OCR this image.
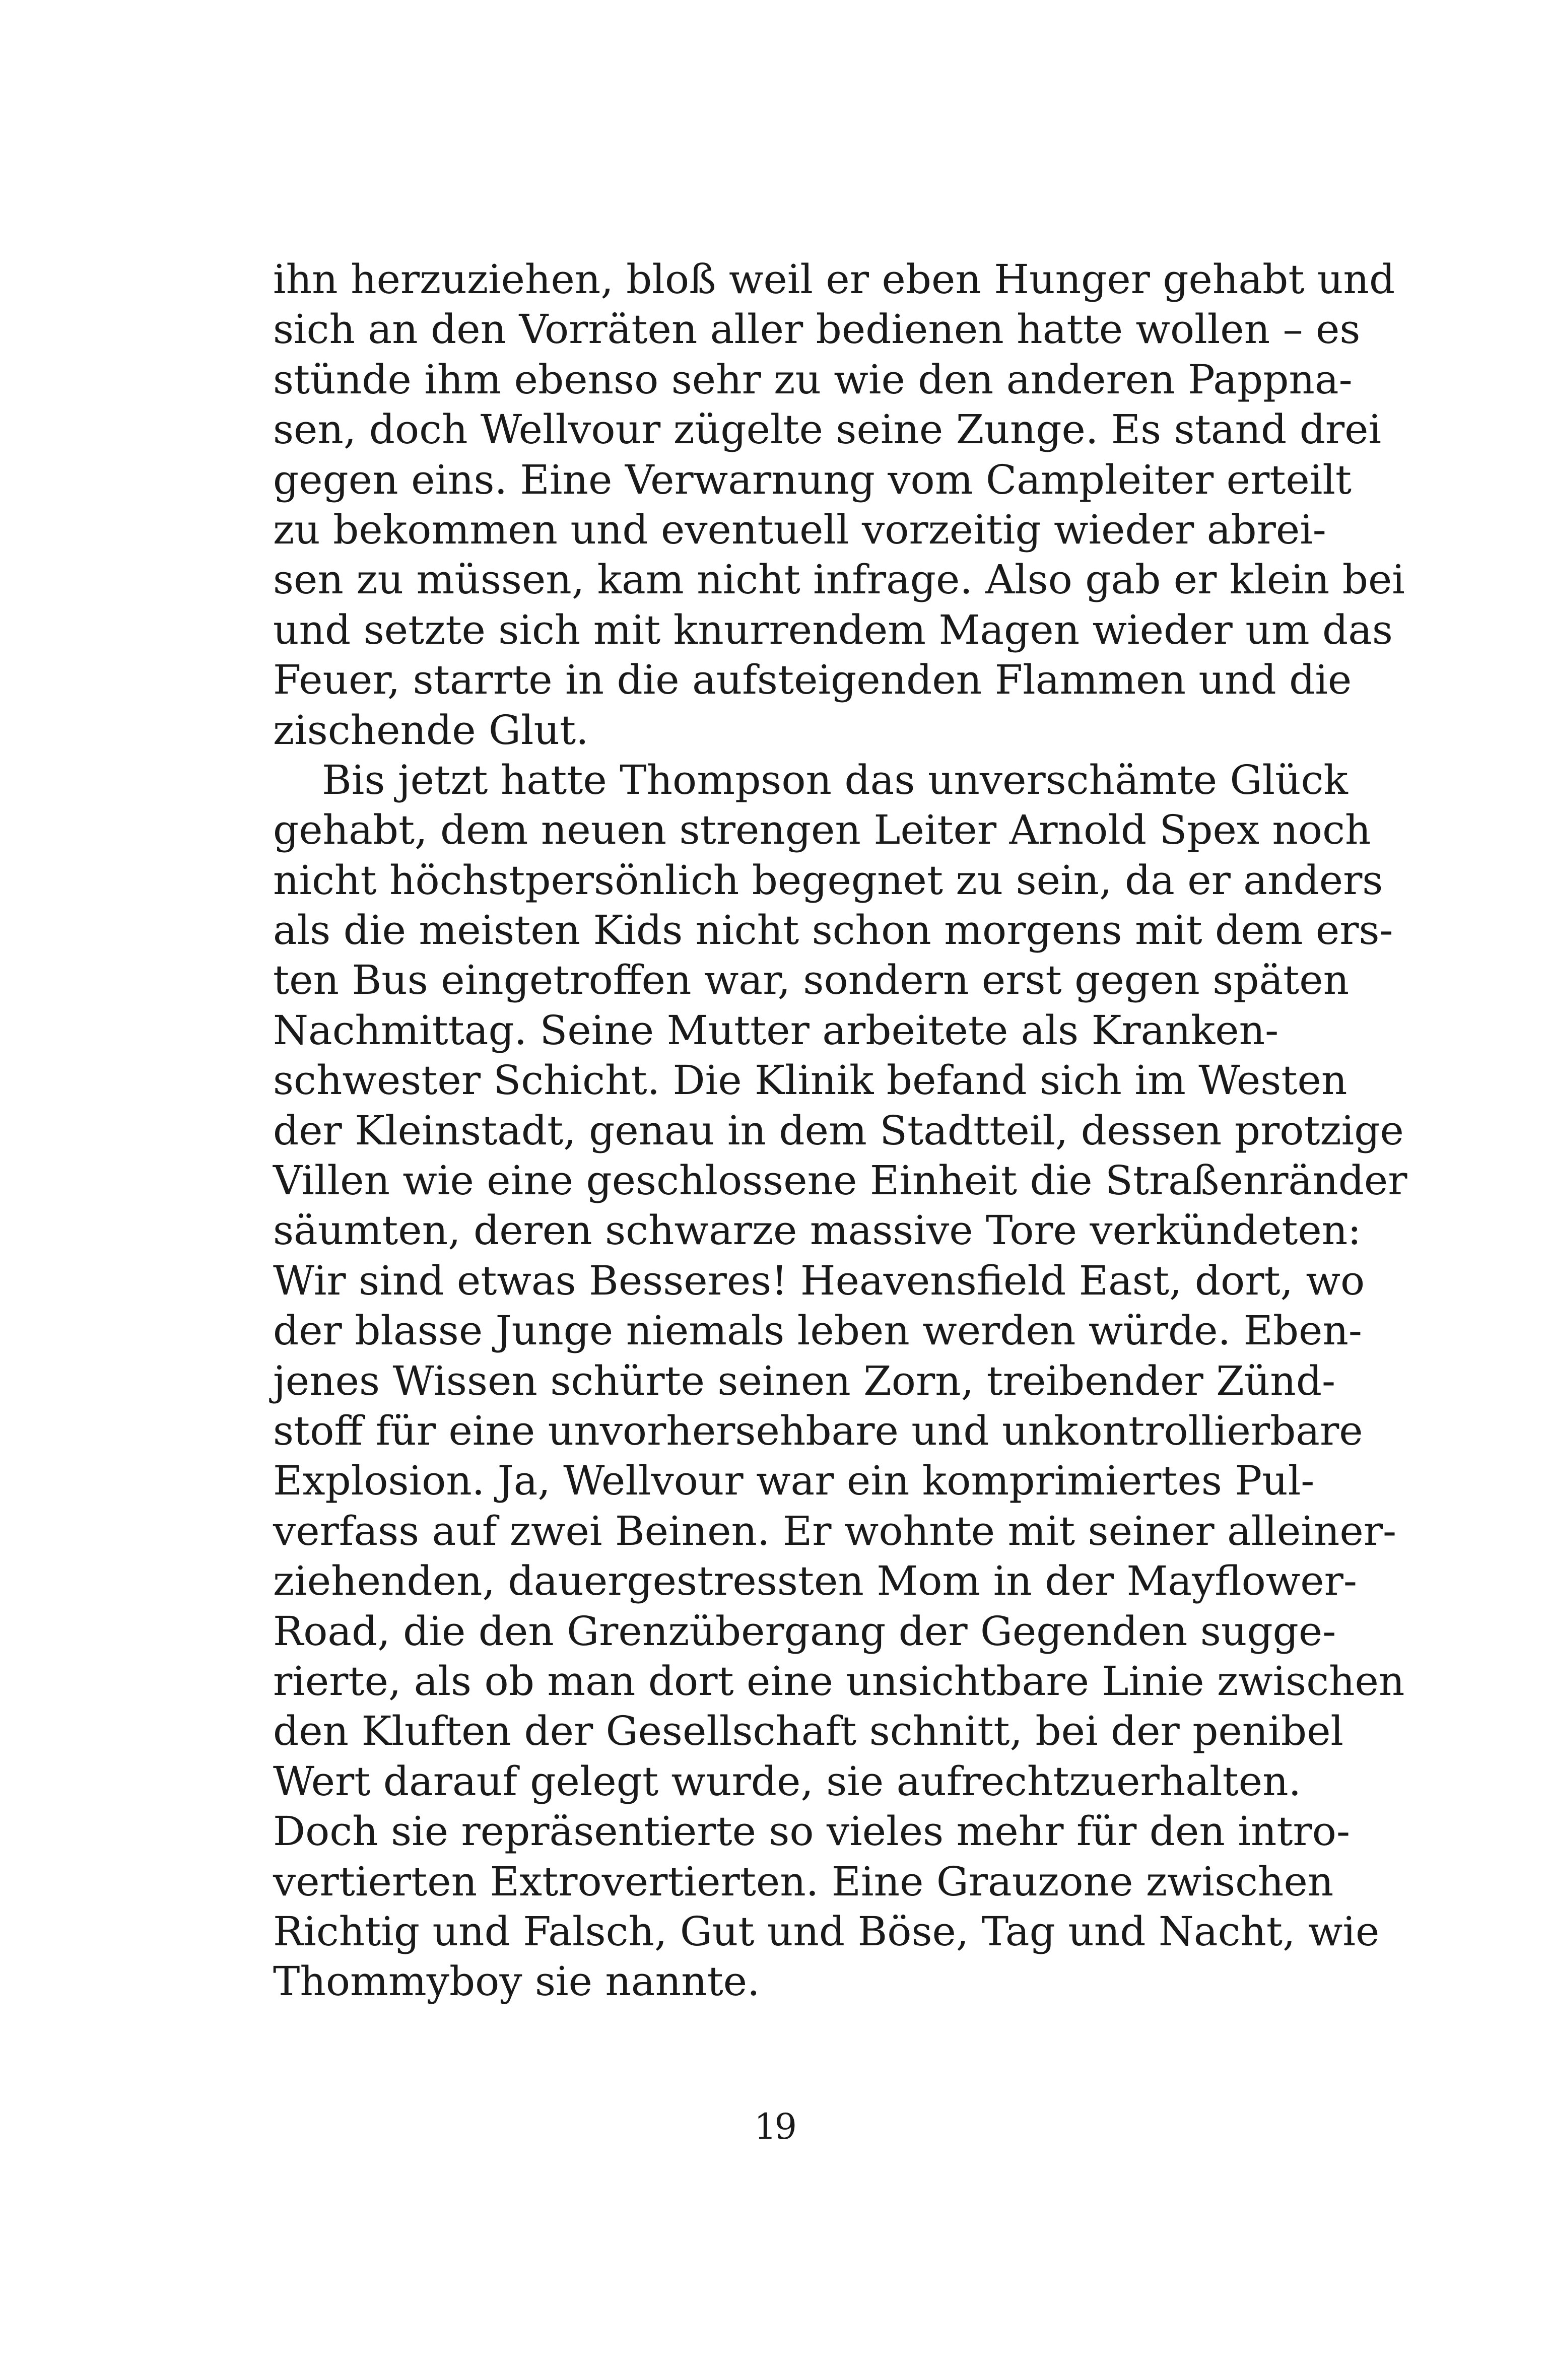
ihn herzuziehen, bloß weil er eben Hunger gehabt und
sich an den Vorräten aller bedienen hatte wollen – es
stünde ihm ebenso sehr zu wie den anderen Pappna-
sen, doch Wellvour zügelte seine Zunge. Es stand drei
gegen eins. Eine Verwarnung vom Campleiter erteilt
zu bekommen und eventuell vorzeitig wieder abrei-
sen zu müssen, kam nicht infrage. Also gab er klein bei
und setzte sich mit knurrendem Magen wieder um das
Feuer, starrte in die aufsteigenden Flammen und die
zischende Glut.
Bis jetzt hatte Thompson das unverschämte Glück
gehabt, dem neuen strengen Leiter Arnold Spex noch
nicht höchstpersönlich begegnet zu sein, da er anders
als die meisten Kids nicht schon morgens mit dem ers-
ten Bus eingetroffen war, sondern erst gegen späten
Nachmittag. Seine Mutter arbeitete als Kranken-
schwester Schicht. Die Klinik befand sich im Westen
der Kleinstadt, genau in dem Stadtteil, dessen protzige
Villen wie eine geschlossene Einheit die Straßenränder
säumten, deren schwarze massive Tore verkündeten:
Wir sind etwas Besseres! Heavensfield East, dort, wo
der blasse Junge niemals leben werden würde. Eben-
jenes Wissen schürte seinen Zorn, treibender Zünd-
stoff für eine unvorhersehbare und unkontrollierbare
Explosion. Ja, Wellvour war ein komprimiertes Pul-
verfass auf zwei Beinen. Er wohnte mit seiner alleiner-
ziehenden, dauergestressten Mom in der Mayflower-
Road, die den Grenzübergang der Gegenden sugge-
rierte, als ob man dort eine unsichtbare Linie zwischen
den Kluften der Gesellschaft schnitt, bei der penibel
Wert darauf gelegt wurde, sie aufrechtzuerhalten.
Doch sie repräsentierte so vieles mehr für den intro-
vertierten Extrovertierten. Eine Grauzone zwischen
Richtig und Falsch, Gut und Böse, Tag und Nacht, wie
Thommyboy sie nannte.
19
